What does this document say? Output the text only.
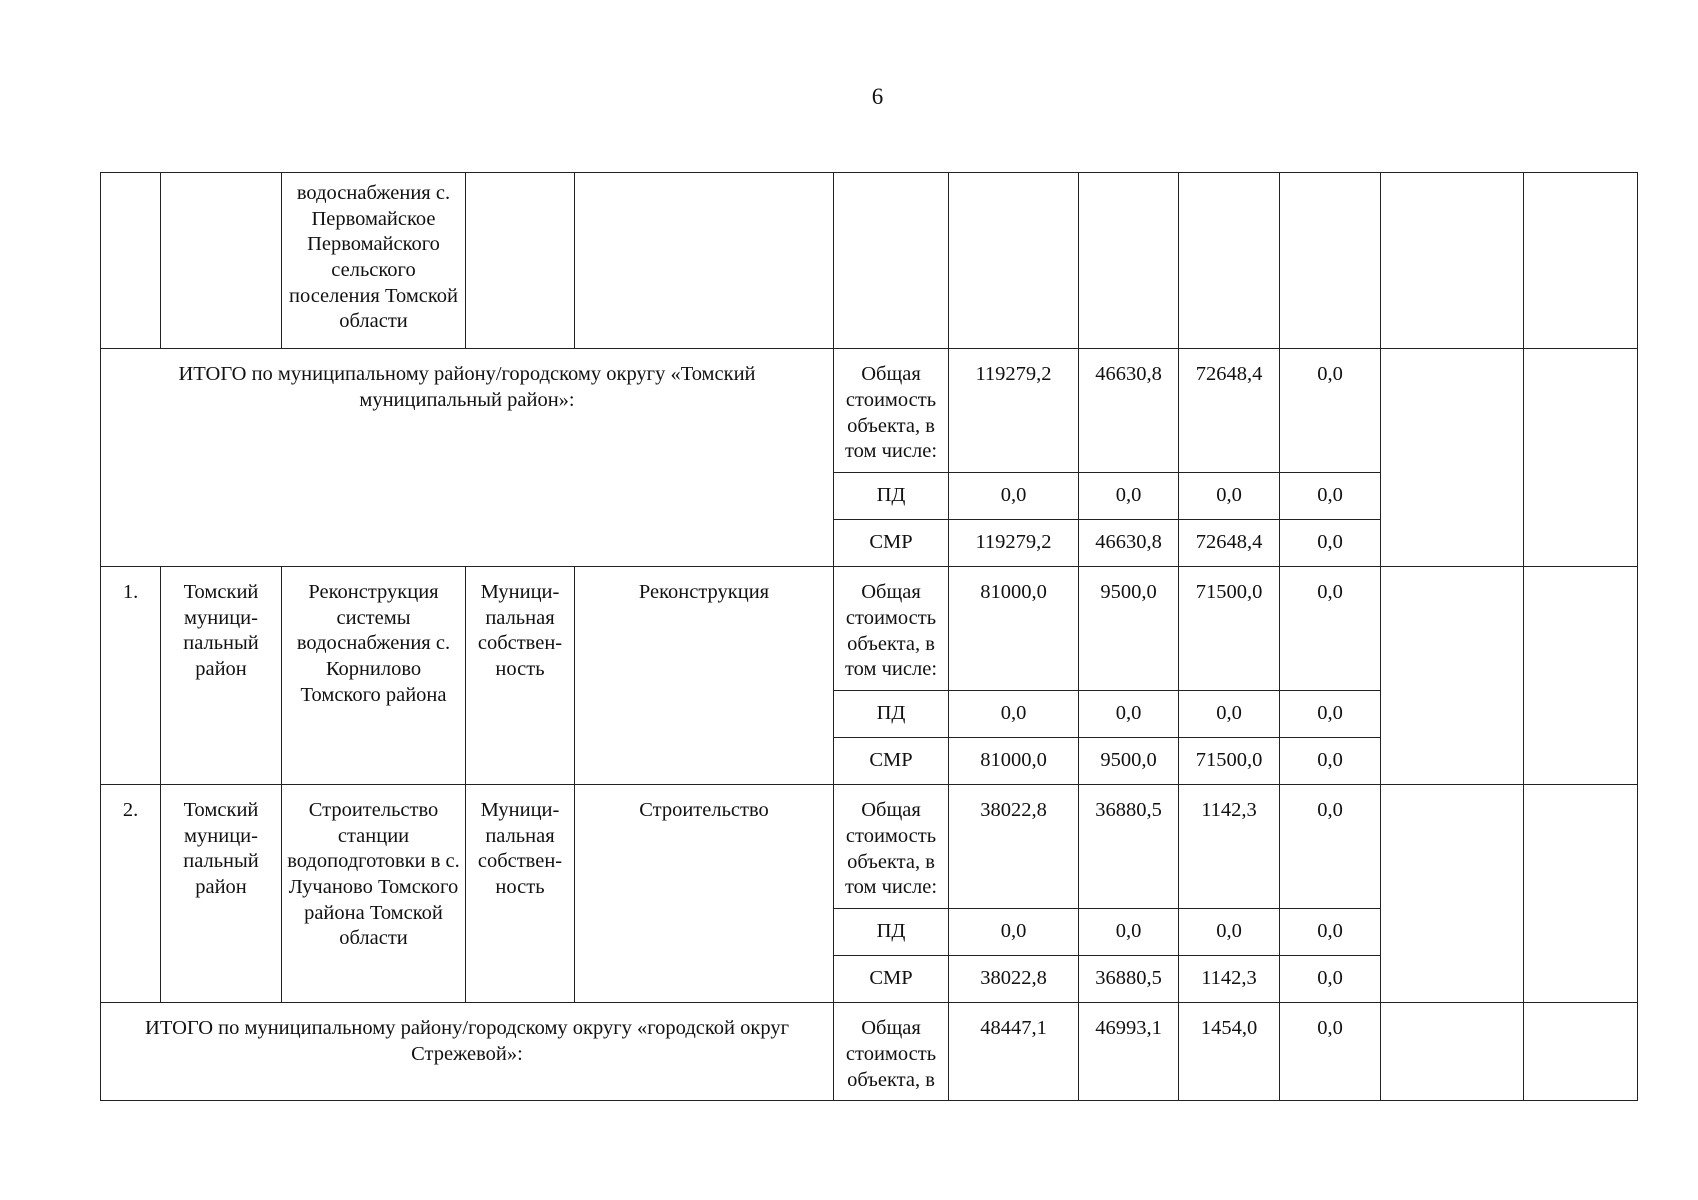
6
		водоснабжения с. Первомайское Первомайского сельского поселения Томской области									
ИТОГО по муниципальному району/городскому округу «Томский муниципальный район»:					Общая стоимость объекта, в том числе:	119279,2	46630,8	72648,4	0,0		
					ПД	0,0	0,0	0,0	0,0		
					СМР	119279,2	46630,8	72648,4	0,0		
1.	Томский муници-пальный район	Реконструкция системы водоснабжения с. Корнилово Томского района	Муници-пальная собствен-ность	Реконструкция	Общая стоимость объекта, в том числе:	81000,0	9500,0	71500,0	0,0		
					ПД	0,0	0,0	0,0	0,0		
					СМР	81000,0	9500,0	71500,0	0,0		
2.	Томский муници-пальный район	Строительство станции водоподготовки в с. Лучаново Томского района Томской области	Муници-пальная собствен-ность	Строительство	Общая стоимость объекта, в том числе:	38022,8	36880,5	1142,3	0,0		
					ПД	0,0	0,0	0,0	0,0		
					СМР	38022,8	36880,5	1142,3	0,0		
ИТОГО по муниципальному району/городскому округу «городской округ Стрежевой»:					Общая стоимость объекта, в	48447,1	46993,1	1454,0	0,0		
